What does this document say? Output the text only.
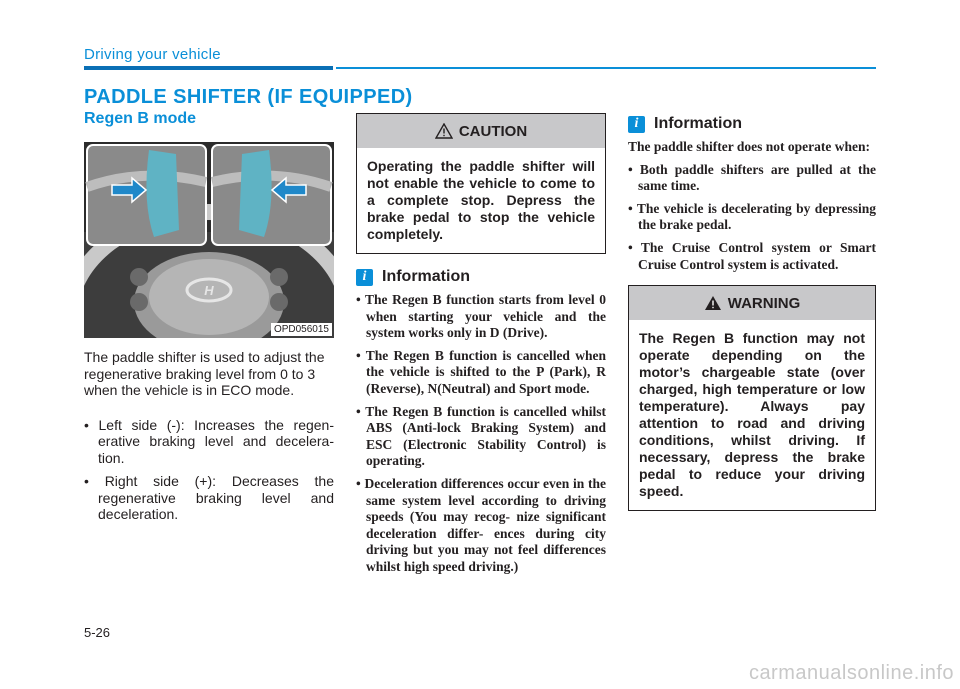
Driving your vehicle
PADDLE SHIFTER (IF EQUIPPED)
Regen B mode
H
OPD056015

The paddle shifter is used to adjust the regenerative braking level from 0 to 3 when the vehicle is in ECO mode.

• Left side (-): Increases the regen- erative braking level and decelera- tion.
• Right side (+): Decreases the regenerative braking level and deceleration.
CAUTION
Operating the paddle shifter will not enable the vehicle to come to a complete stop. Depress the brake pedal to stop the vehicle completely.
i Information
• The Regen B function starts from level 0 when starting your vehicle and the system works only in D (Drive).
• The Regen B function is cancelled when the vehicle is shifted to the P (Park), R (Reverse), N(Neutral) and Sport mode.
• The Regen B function is cancelled whilst ABS (Anti-lock Braking System) and ESC (Electronic Stability Control) is operating.
• Deceleration differences occur even in the same system level according to driving speeds (You may recog- nize significant deceleration differ- ences during city driving but you may not feel differences whilst high speed driving.)
i Information

The paddle shifter does not operate when:

• Both paddle shifters are pulled at the same time.
• The vehicle is decelerating by depressing the brake pedal.
• The Cruise Control system or Smart Cruise Control system is activated.
WARNING
The Regen B function may not operate depending on the motor’s chargeable state (over charged, high temperature or low temperature). Always pay attention to road and driving conditions, whilst driving. If necessary, depress the brake pedal to reduce your driving speed.
5-26
carmanualsonline.info
